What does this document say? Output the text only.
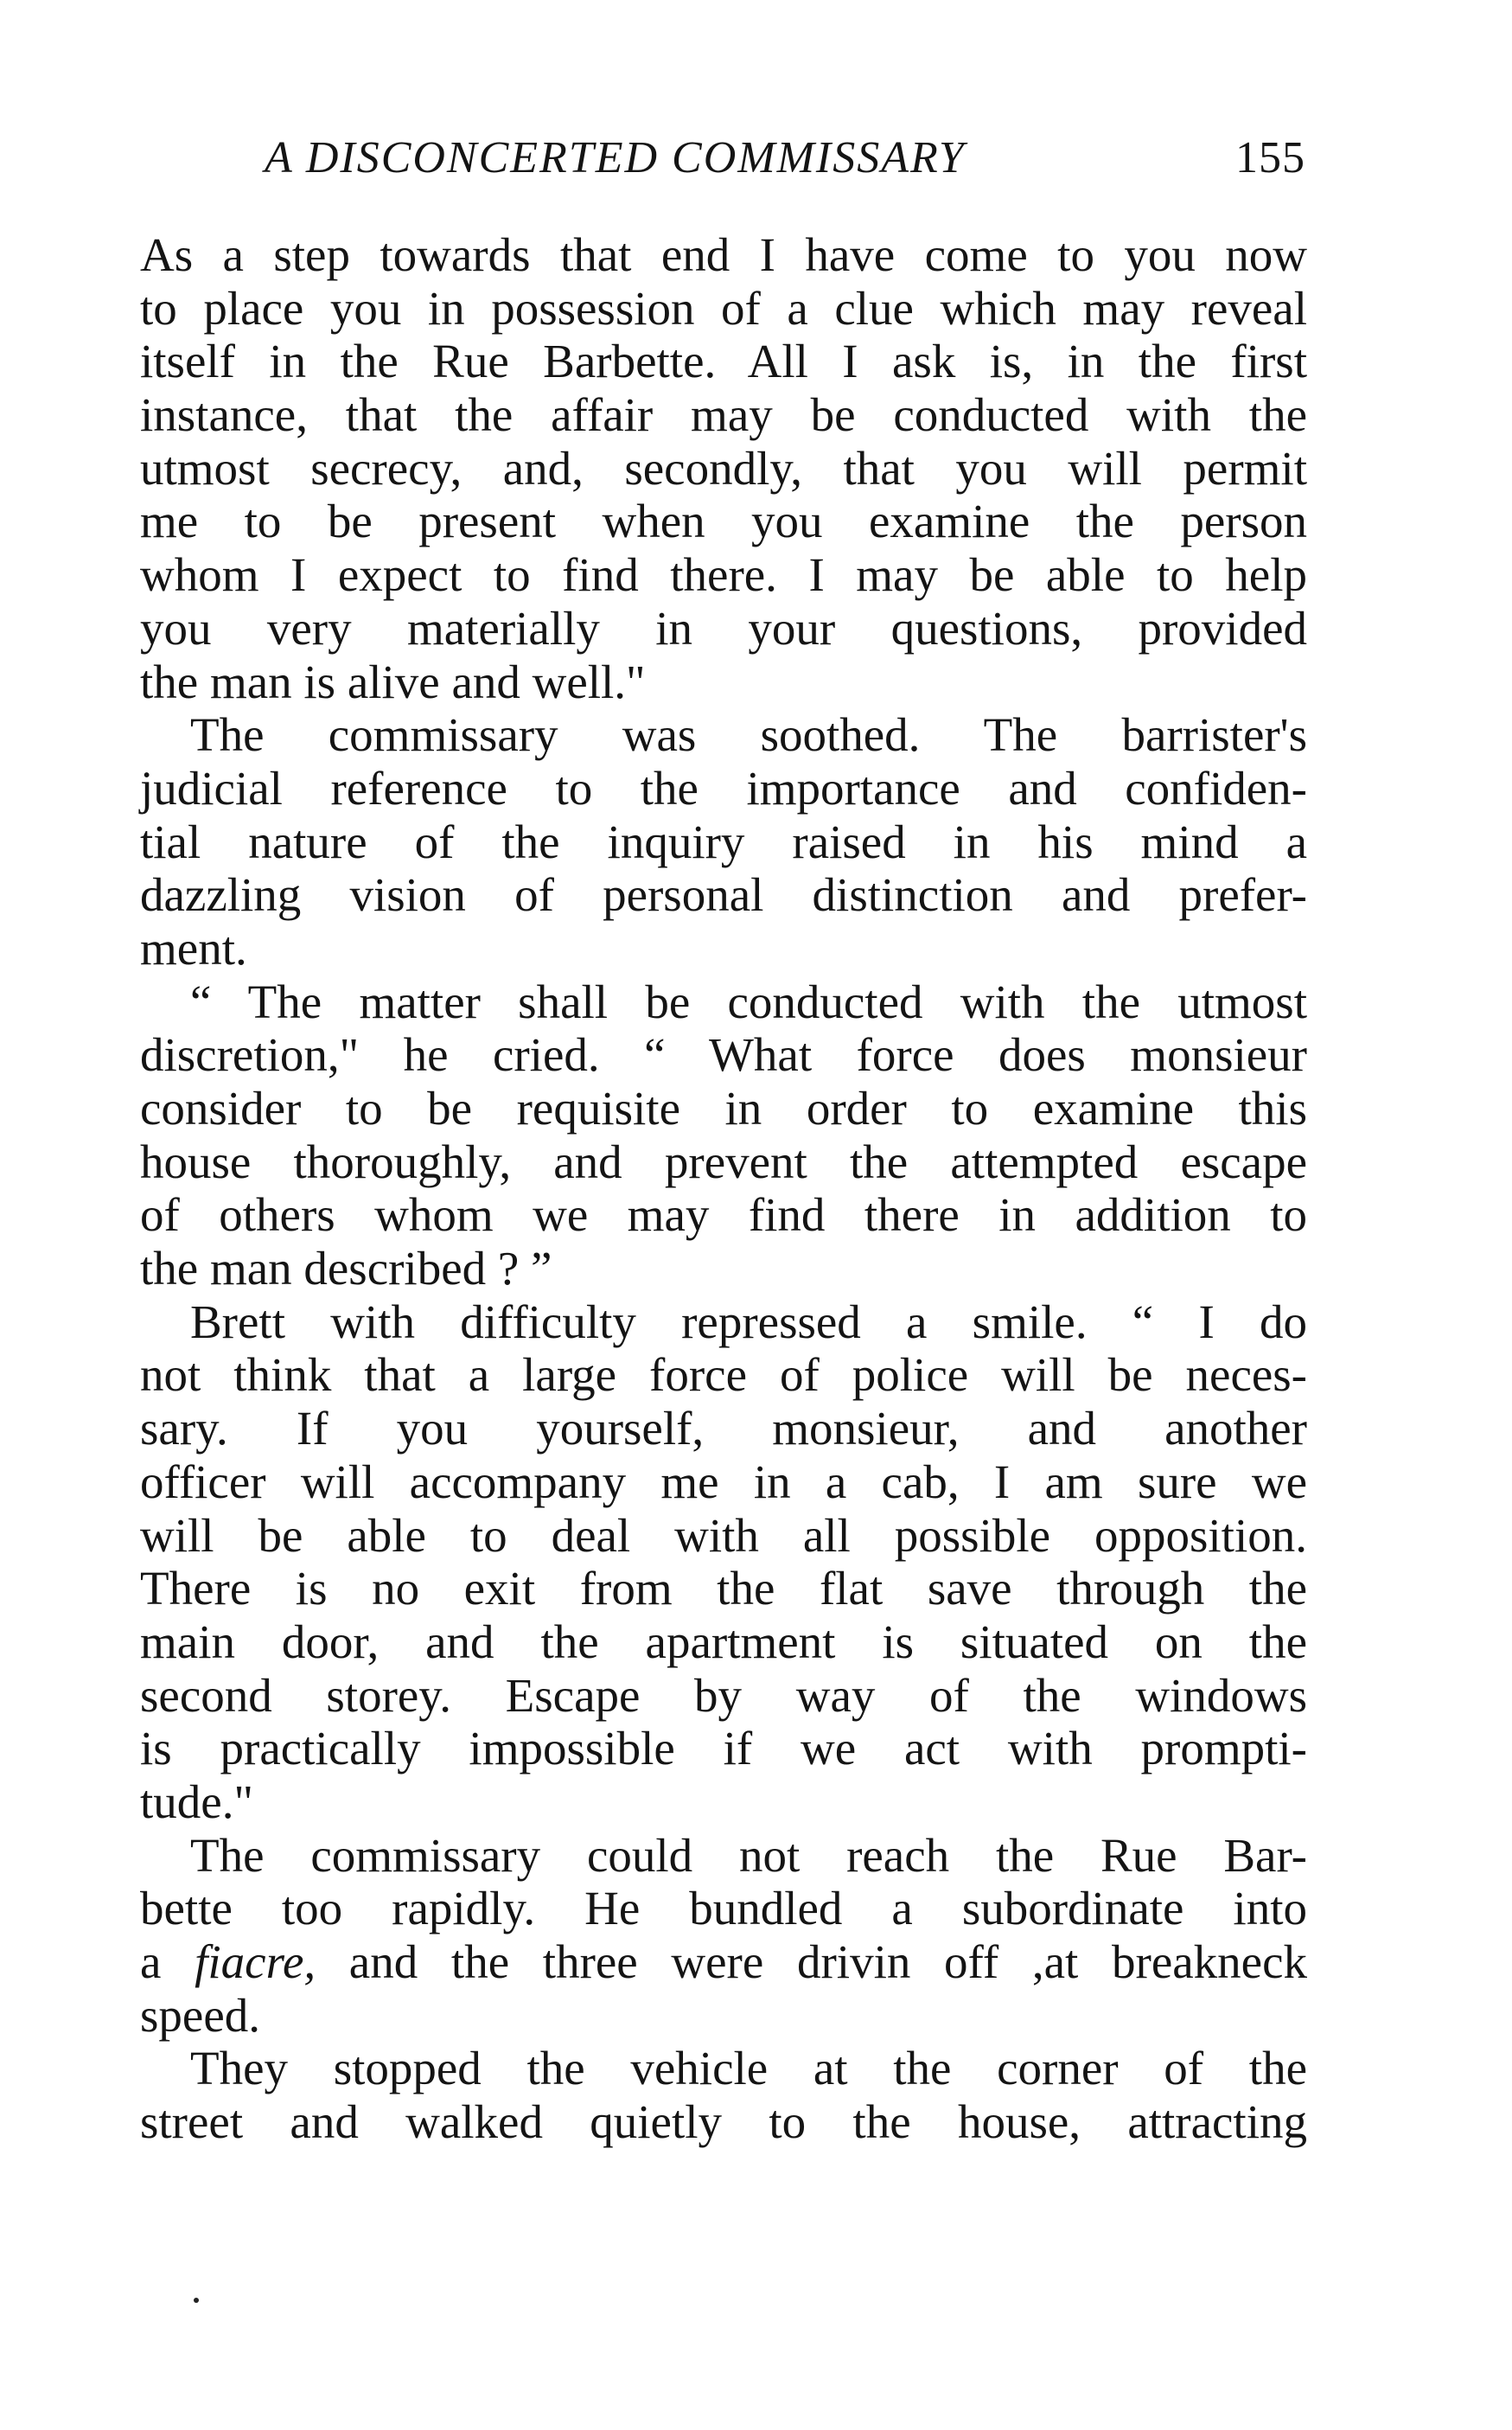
A DISCONCERTED COMMISSARY	155
As a step towards that end I have come to you now
to place you in possession of a clue which may reveal
itself in the Rue Barbette. All I ask is, in the first
instance, that the affair may be conducted with the
utmost secrecy, and, secondly, that you will permit
me to be present when you examine the person
whom I expect to find there. I may be able to help
you very materially in your questions, provided
the man is alive and well."
The commissary was soothed. The barrister's
judicial reference to the importance and confiden-
tial nature of the inquiry raised in his mind a
dazzling vision of personal distinction and prefer-
ment.
“ The matter shall be conducted with the utmost
discretion," he cried. “ What force does monsieur
consider to be requisite in order to examine this
house thoroughly, and prevent the attempted escape
of others whom we may find there in addition to
the man described ? ”
Brett with difficulty repressed a smile. “ I do
not think that a large force of police will be neces-
sary. If you yourself, monsieur, and another
officer will accompany me in a cab, I am sure we
will be able to deal with all possible opposition.
There is no exit from the flat save through the
main door, and the apartment is situated on the
second storey. Escape by way of the windows
is practically impossible if we act with prompti-
tude."
The commissary could not reach the Rue Bar-
bette too rapidly. He bundled a subordinate into
a fiacre, and the three were drivin off ,at breakneck
speed.
They stopped the vehicle at the corner of the
street and walked quietly to the house, attracting
